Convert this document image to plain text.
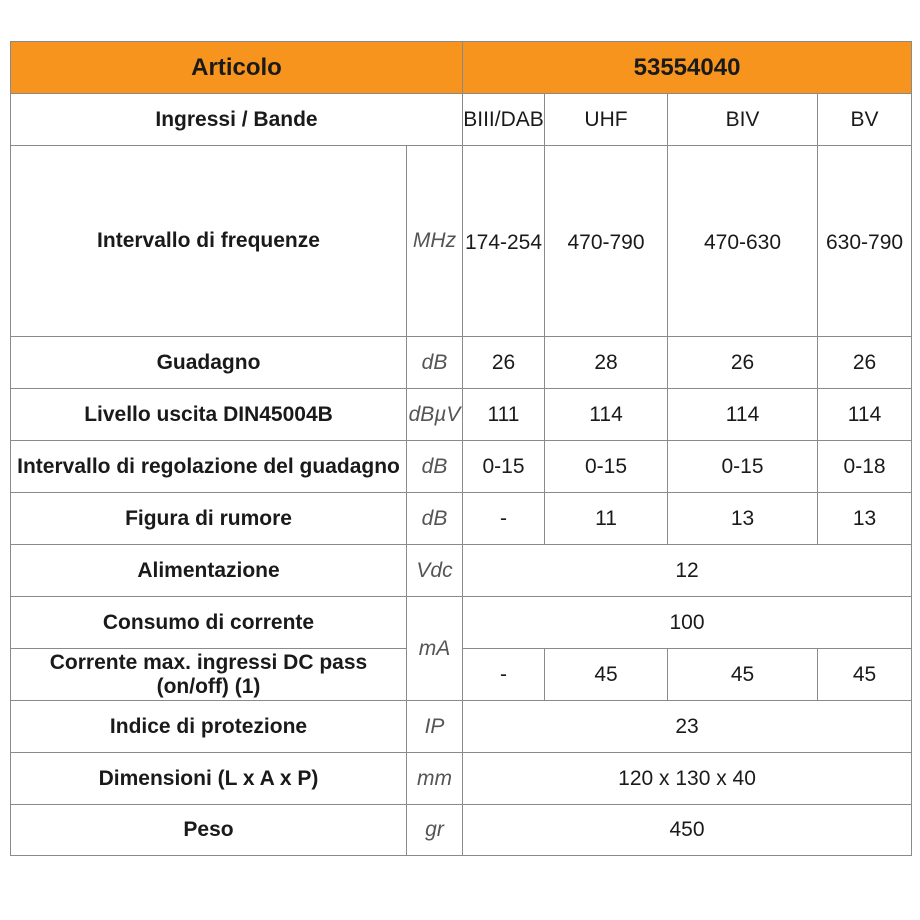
Articolo		53554040			
Ingressi / Bande		BIII/DAB	UHF	BIV	BV
Intervallo di frequenze	MHz	174-254	470-790	470-630	630-790
Guadagno	dB	26	28	26	26
Livello uscita DIN45004B	dBµV	111	114	114	114
Intervallo di regolazione del guadagno	dB	0-15	0-15	0-15	0-18
Figura di rumore	dB	-	11	13	13
Alimentazione	Vdc	12			
Consumo di corrente	mA	100			
Corrente max. ingressi DC pass (on/off) (1)		-	45	45	45
Indice di protezione	IP	23			
Dimensioni (L x A x P)	mm	120 x 130 x 40			
Peso	gr	450			
